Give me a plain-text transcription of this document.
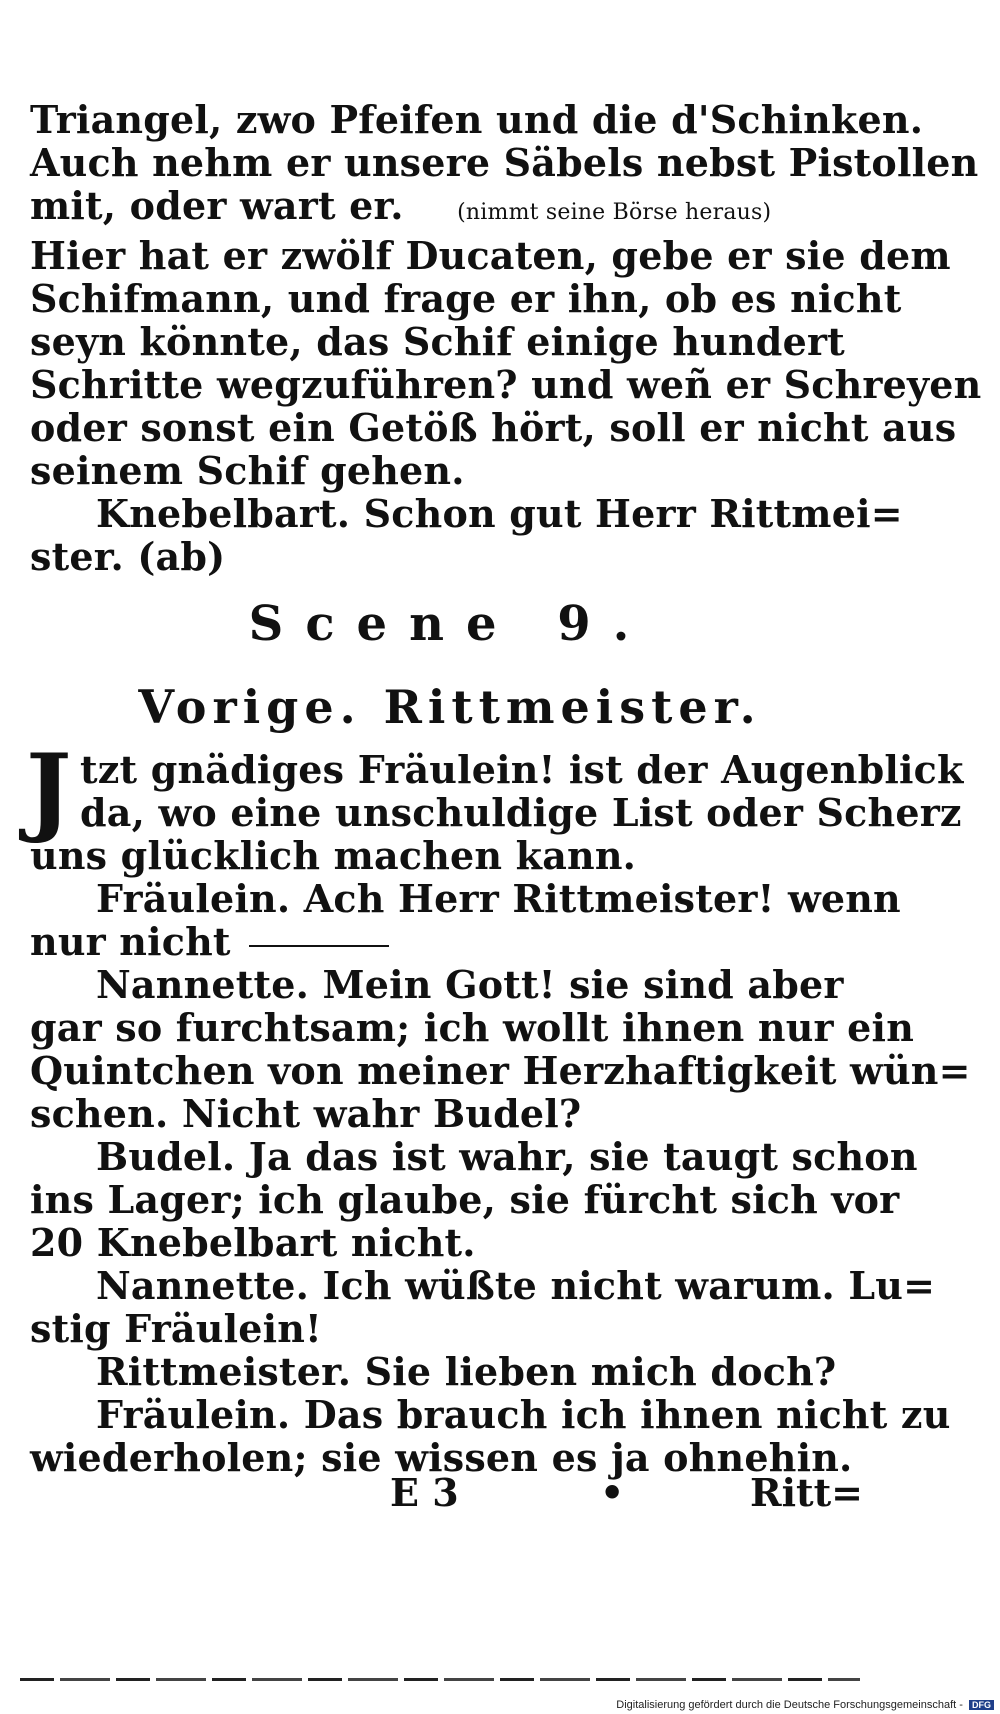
Triangel, zwo Pfeifen und die d'Schinken.
Auch nehm er unsere Säbels nebst Pistollen
mit, oder wart er. (nimmt seine Börse heraus)
Hier hat er zwölf Ducaten, gebe er sie dem
Schifmann, und frage er ihn, ob es nicht
seyn könnte, das Schif einige hundert
Schritte wegzuführen? und weñ er Schreyen
oder sonst ein Getöß hört, soll er nicht aus
seinem Schif gehen.
Knebelbart. Schon gut Herr Rittmei=
ster. (ab)
Scene 9.
Vorige. Rittmeister.
J tzt gnädiges Fräulein! ist der Augenblick
da, wo eine unschuldige List oder Scherz
uns glücklich machen kann.
Fräulein. Ach Herr Rittmeister! wenn
nur nicht
Nannette. Mein Gott! sie sind aber
gar so furchtsam; ich wollt ihnen nur ein
Quintchen von meiner Herzhaftigkeit wün=
schen. Nicht wahr Budel?
Budel. Ja das ist wahr, sie taugt schon
ins Lager; ich glaube, sie fürcht sich vor
20 Knebelbart nicht.
Nannette. Ich wüßte nicht warum. Lu=
stig Fräulein!
Rittmeister. Sie lieben mich doch?
Fräulein. Das brauch ich ihnen nicht zu
wiederholen; sie wissen es ja ohnehin.
E 3	•	Ritt=
Digitalisierung gefördert durch die Deutsche Forschungsgemeinschaft - DFG
